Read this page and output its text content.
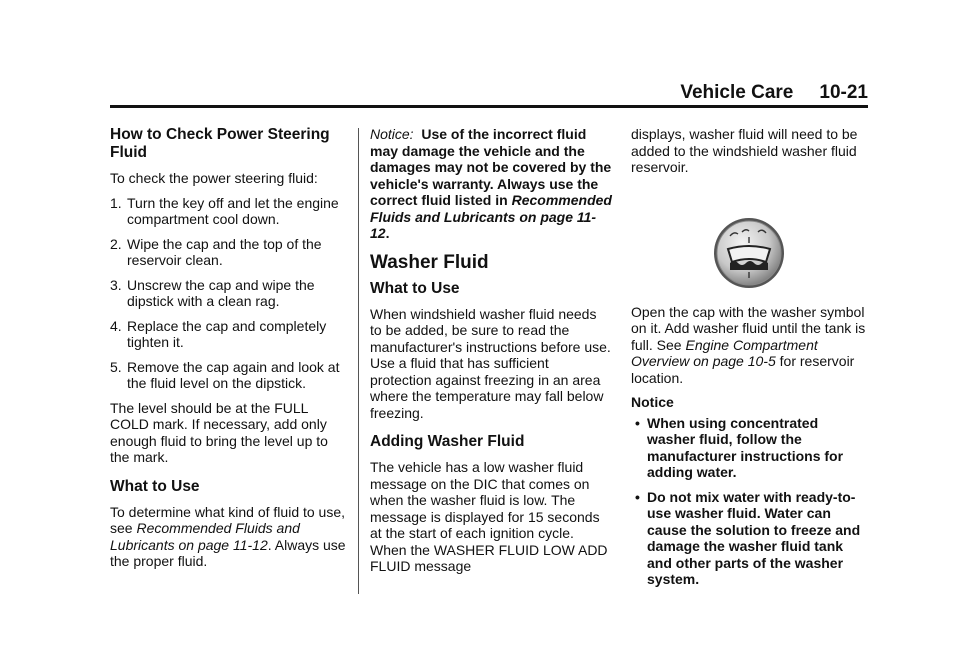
Vehicle Care 10-21
How to Check Power Steering Fluid

To check the power steering fluid:

1. Turn the key off and let the engine compartment cool down.
2. Wipe the cap and the top of the reservoir clean.
3. Unscrew the cap and wipe the dipstick with a clean rag.
4. Replace the cap and completely tighten it.
5. Remove the cap again and look at the fluid level on the dipstick.

The level should be at the FULL COLD mark. If necessary, add only enough fluid to bring the level up to the mark.

What to Use

To determine what kind of fluid to use, see Recommended Fluids and Lubricants on page 11-12. Always use the proper fluid.

Notice: Use of the incorrect fluid may damage the vehicle and the damages may not be covered by the vehicle's warranty. Always use the correct fluid listed in Recommended Fluids and Lubricants on page 11-12.

Washer Fluid
What to Use

When windshield washer fluid needs to be added, be sure to read the manufacturer's instructions before use. Use a fluid that has sufficient protection against freezing in an area where the temperature may fall below freezing.

Adding Washer Fluid

The vehicle has a low washer fluid message on the DIC that comes on when the washer fluid is low. The message is displayed for 15 seconds at the start of each ignition cycle. When the WASHER FLUID LOW ADD FLUID message

displays, washer fluid will need to be added to the windshield washer fluid reservoir.

Open the cap with the washer symbol on it. Add washer fluid until the tank is full. See Engine Compartment Overview on page 10-5 for reservoir location.

Notice
• When using concentrated washer fluid, follow the manufacturer instructions for adding water.
• Do not mix water with ready-to-use washer fluid. Water can cause the solution to freeze and damage the washer fluid tank and other parts of the washer system.
